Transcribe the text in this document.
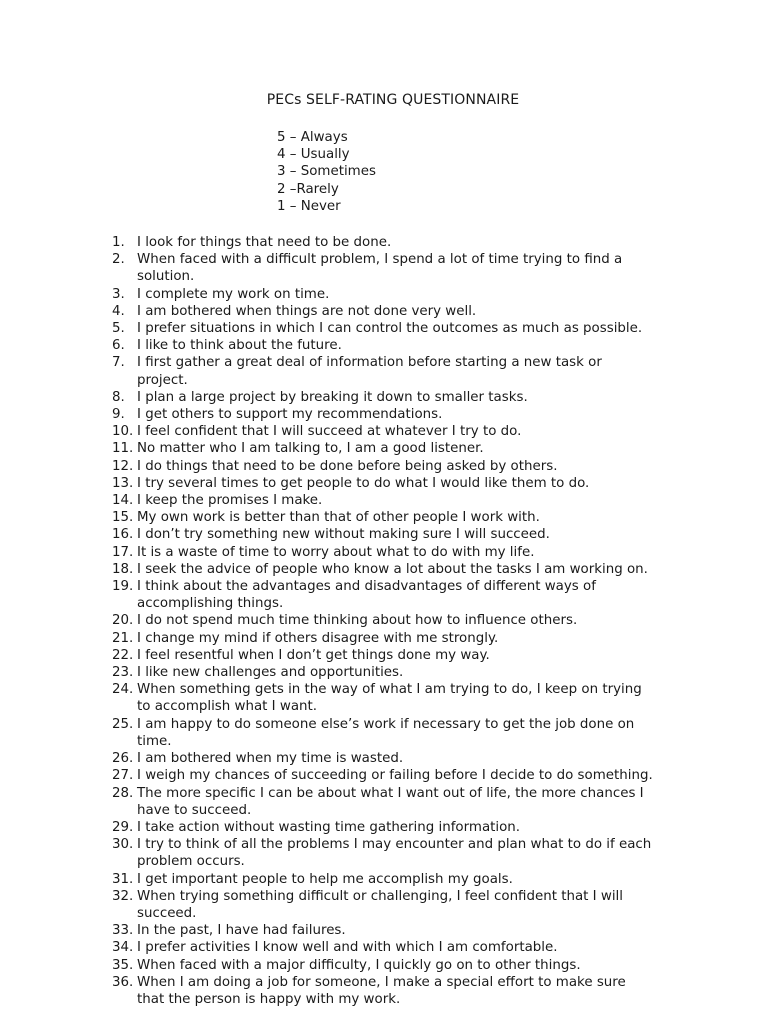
PECs SELF-RATING QUESTIONNAIRE
5 – Always
4 – Usually
3 – Sometimes
2 –Rarely
1 – Never
1. I look for things that need to be done.
2. When faced with a difficult problem, I spend a lot of time trying to find a
solution.
3. I complete my work on time.
4. I am bothered when things are not done very well.
5. I prefer situations in which I can control the outcomes as much as possible.
6. I like to think about the future.
7. I first gather a great deal of information before starting a new task or
project.
8. I plan a large project by breaking it down to smaller tasks.
9. I get others to support my recommendations.
10. I feel confident that I will succeed at whatever I try to do.
11. No matter who I am talking to, I am a good listener.
12. I do things that need to be done before being asked by others.
13. I try several times to get people to do what I would like them to do.
14. I keep the promises I make.
15. My own work is better than that of other people I work with.
16. I don’t try something new without making sure I will succeed.
17. It is a waste of time to worry about what to do with my life.
18. I seek the advice of people who know a lot about the tasks I am working on.
19. I think about the advantages and disadvantages of different ways of
accomplishing things.
20. I do not spend much time thinking about how to influence others.
21. I change my mind if others disagree with me strongly.
22. I feel resentful when I don’t get things done my way.
23. I like new challenges and opportunities.
24. When something gets in the way of what I am trying to do, I keep on trying
to accomplish what I want.
25. I am happy to do someone else’s work if necessary to get the job done on
time.
26. I am bothered when my time is wasted.
27. I weigh my chances of succeeding or failing before I decide to do something.
28. The more specific I can be about what I want out of life, the more chances I
have to succeed.
29. I take action without wasting time gathering information.
30. I try to think of all the problems I may encounter and plan what to do if each
problem occurs.
31. I get important people to help me accomplish my goals.
32. When trying something difficult or challenging, I feel confident that I will
succeed.
33. In the past, I have had failures.
34. I prefer activities I know well and with which I am comfortable.
35. When faced with a major difficulty, I quickly go on to other things.
36. When I am doing a job for someone, I make a special effort to make sure
that the person is happy with my work.
